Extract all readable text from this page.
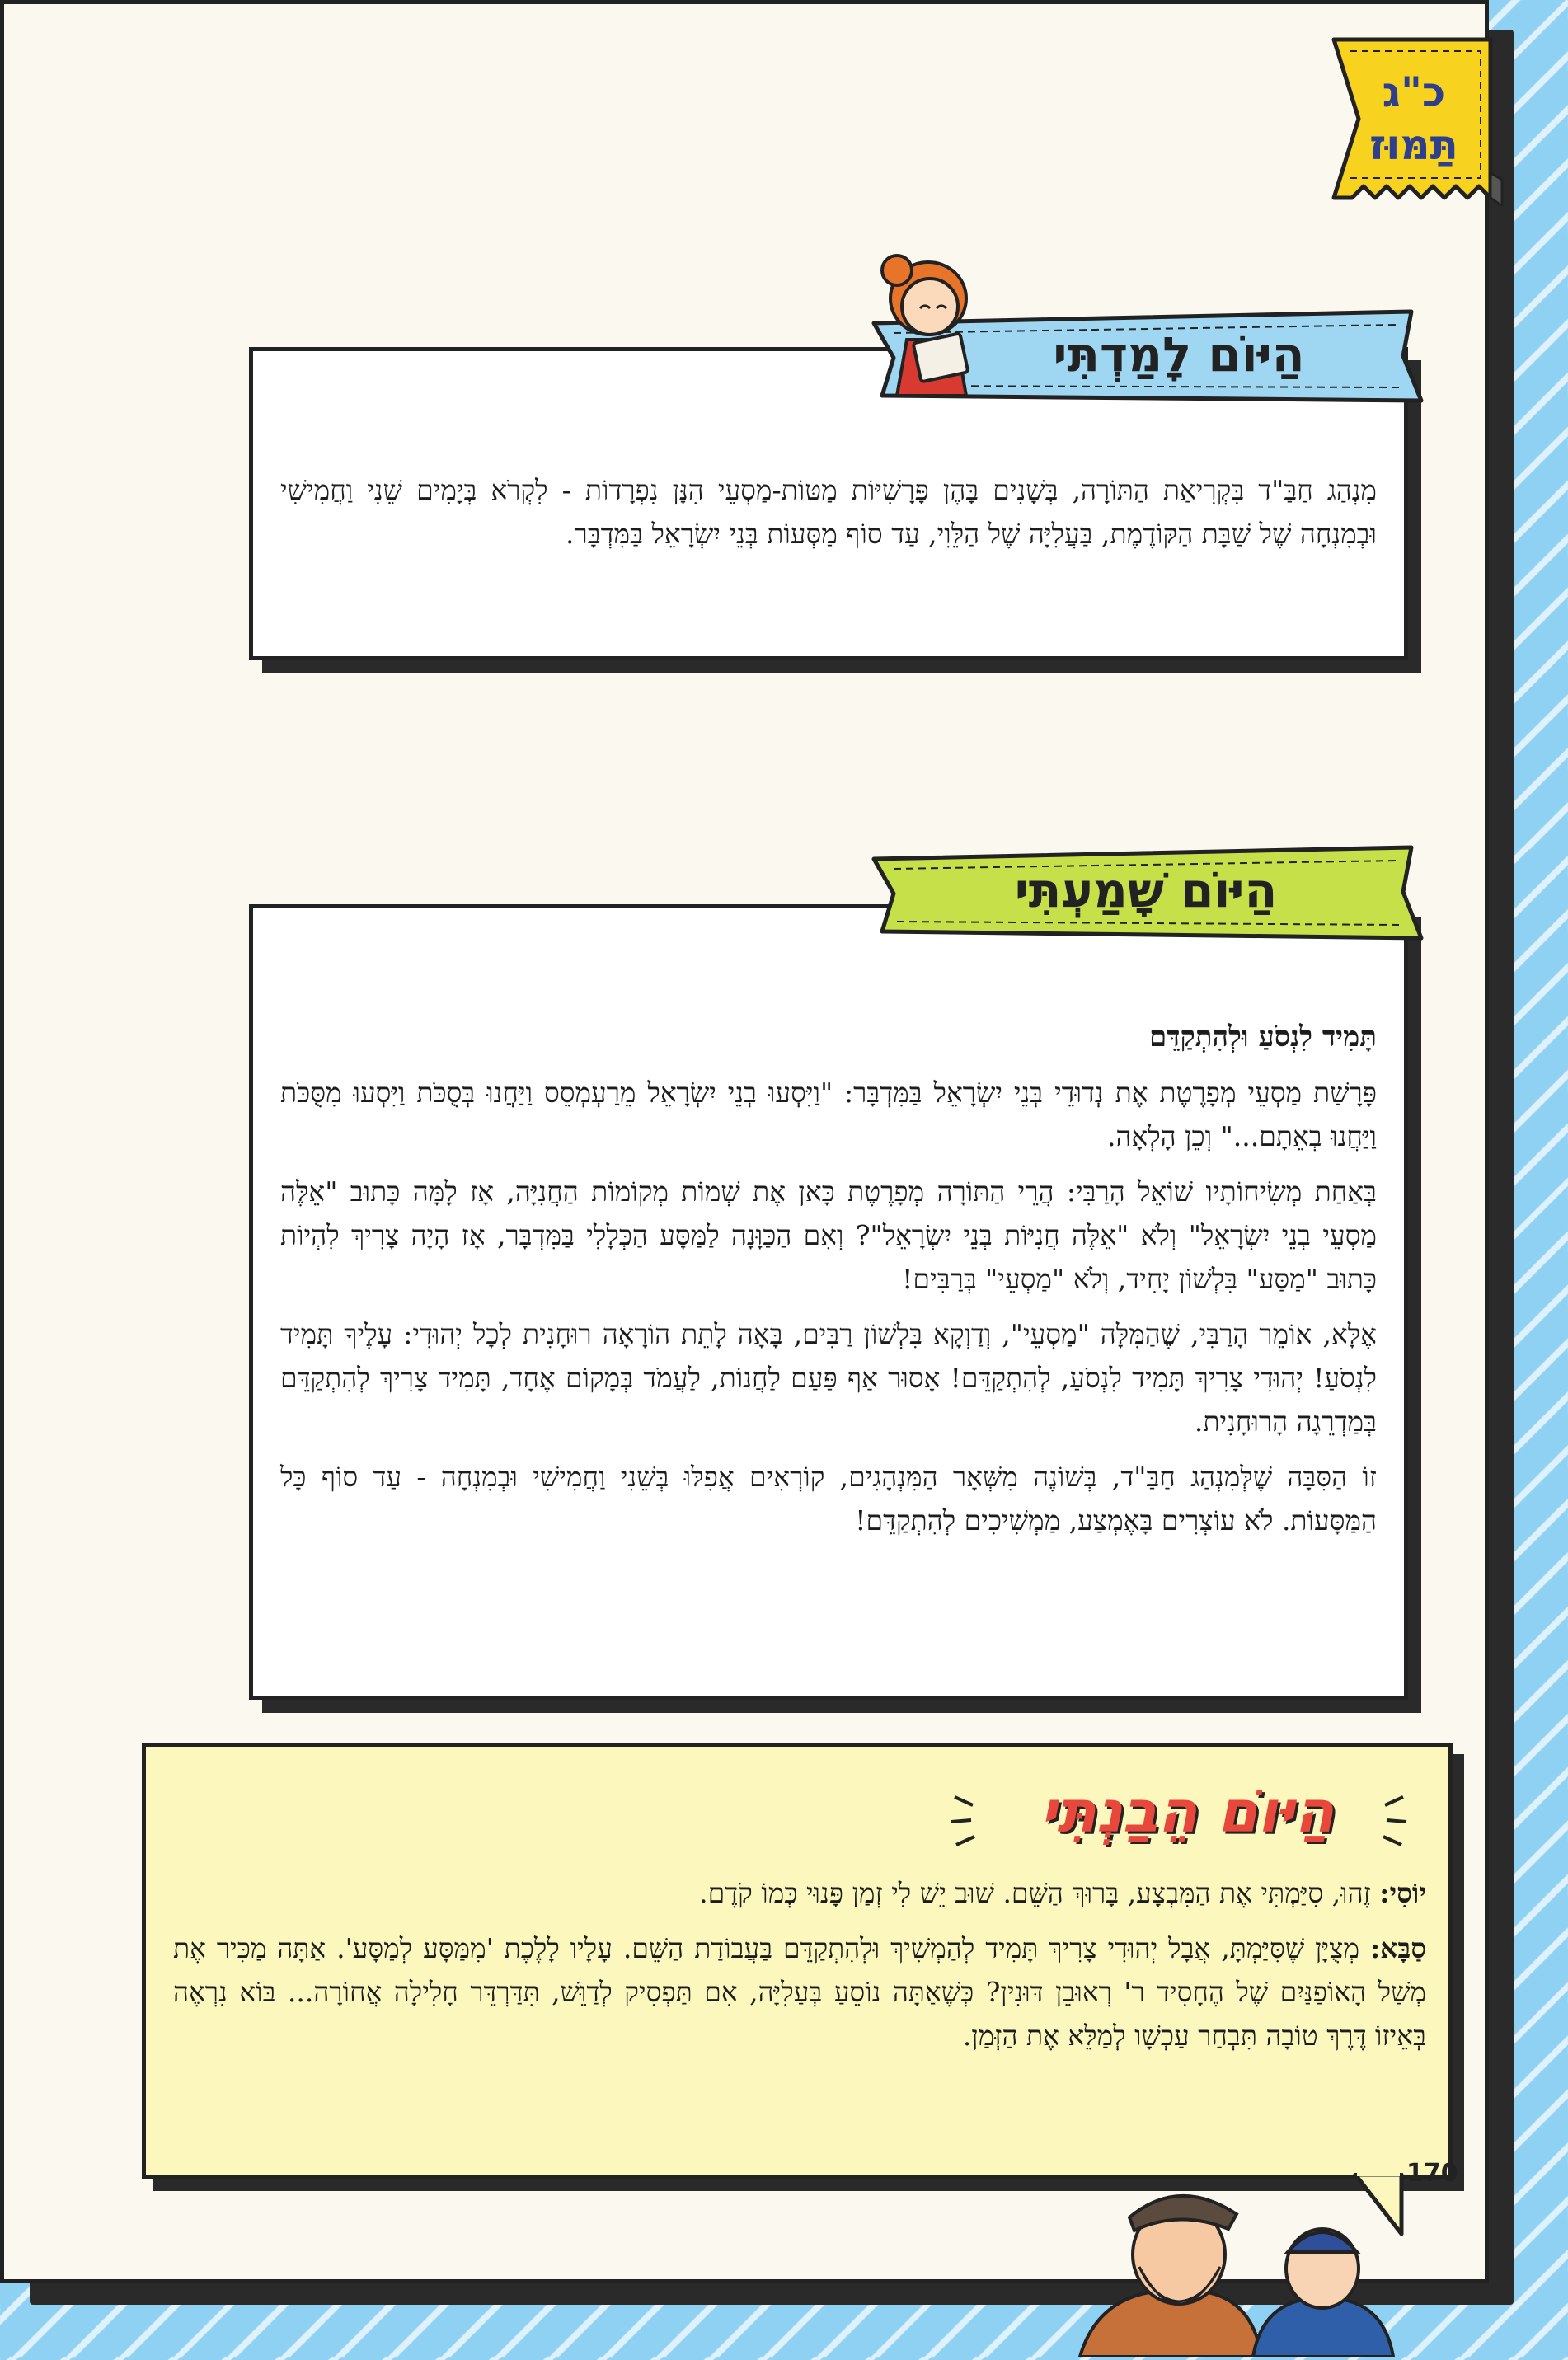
כ"ג
תַּמּוּז
הַיּוֹם לָמַדְתִּי

מִנְהַג חַבַּ"ד בִּקְרִיאַת הַתּוֹרָה, בְּשָׁנִים בָּהֶן פָּרָשִׁיּוֹת מַטּוֹת-מַסְעֵי הִנָּן נִפְרָדוֹת - לִקְרֹא בְּיָמִים שֵׁנִי וַחֲמִישִׁי וּבְמִנְחָה שֶׁל שַׁבָּת הַקּוֹדֶמֶת, בַּעֲלִיָּה שֶׁל הַלֵּוִי, עַד סוֹף מַסְּעוֹת בְּנֵי יִשְׂרָאֵל בַּמִּדְבָּר.

הַיּוֹם שָׁמַעְתִּי
תָּמִיד לִנְסֹעַ וּלְהִתְקַדֵּם

פָּרָשַׁת מַסְעֵי מְפָרֶטֶת אֶת נְדוּדֵי בְּנֵי יִשְׂרָאֵל בַּמִּדְבָּר: "וַיִּסְעוּ בְנֵי יִשְׂרָאֵל מֵרַעְמְסֵס וַיַּחֲנוּ בְּסֻכֹּת וַיִּסְעוּ מִסֻּכֹּת וַיַּחֲנוּ בְאֵתָם..." וְכֵן הָלְאָה.

בְּאַחַת מְשִׂיחוֹתָיו שׁוֹאֵל הָרַבִּי: הֲרֵי הַתּוֹרָה מְפָרֶטֶת כָּאן אֶת שְׁמוֹת מְקוֹמוֹת הַחֲנִיָּה, אָז לָמָּה כָּתוּב "אֵלֶּה מַסְעֵי בְנֵי יִשְׂרָאֵל" וְלֹא "אֵלֶּה חֲנִיּוֹת בְּנֵי יִשְׂרָאֵל"? וְאִם הַכַּוָּנָה לַמַּסָּע הַכְּלָלִי בַּמִּדְבָּר, אָז הָיָה צָרִיךְ לִהְיוֹת כָּתוּב "מַסַּע" בִּלְשׁוֹן יָחִיד, וְלֹא "מַסְעֵי" בְּרַבִּים!

אֶלָּא, אוֹמֵר הָרַבִּי, שֶׁהַמִּלָּה "מַסְעֵי", וְדַוְקָא בִּלְשׁוֹן רַבִּים, בָּאָה לָתֵת הוֹרָאָה רוּחָנִית לְכָל יְהוּדִי: עָלֶיךָ תָּמִיד לִנְסֹעַ! יְהוּדִי צָרִיךְ תָּמִיד לִנְסֹעַ, לְהִתְקַדֵּם! אָסוּר אַף פַּעַם לַחֲנוֹת, לַעֲמֹד בְּמָקוֹם אֶחָד, תָּמִיד צָרִיךְ לְהִתְקַדֵּם בְּמַדְרֵגָה הָרוּחָנִית.

זוֹ הַסִּבָּה שֶׁלְּמִנְהַג חַבַּ"ד, בְּשׁוֹנֶה מִשְּׁאָר הַמִּנְהָגִים, קוֹרְאִים אֲפִלּוּ בְּשֵׁנִי וַחֲמִישִׁי וּבְמִנְחָה - עַד סוֹף כָּל הַמַּסָּעוֹת. לֹא עוֹצְרִים בָּאֶמְצַע, מַמְשִׁיכִים לְהִתְקַדֵּם!

הַיּוֹם הֵבַנְתִּי

יוֹסִי: זֶהוּ, סִיַּמְתִּי אֶת הַמִּבְצָע, בָּרוּךְ הַשֵּׁם. שׁוּב יֵשׁ לִי זְמַן פָּנוּי כְּמוֹ קֹדֶם.

סַבָּא: מְצֻיָּן שֶׁסִּיַּמְתָּ, אֲבָל יְהוּדִי צָרִיךְ תָּמִיד לְהַמְשִׁיךְ וּלְהִתְקַדֵּם בַּעֲבוֹדַת הַשֵּׁם. עָלָיו לָלֶכֶת 'מִמַּסָּע לְמַסָּע'. אַתָּה מַכִּיר אֶת מְשַׁל הָאוֹפַנַּיִם שֶׁל הֶחָסִיד ר' רְאוּבֵן דּוּנִין? כְּשֶׁאַתָּה נוֹסֵעַ בְּעַלִיָּה, אִם תַּפְסִיק לְדַוֵּשׁ, תִּדַּרְדֵּר חָלִילָה אֲחוֹרָה... בּוֹא נִרְאֶה בְּאֵיזוֹ דֶּרֶךְ טוֹבָה תִּבְחַר עַכְשָׁו לְמַלֵּא אֶת הַזְּמַן.

170
